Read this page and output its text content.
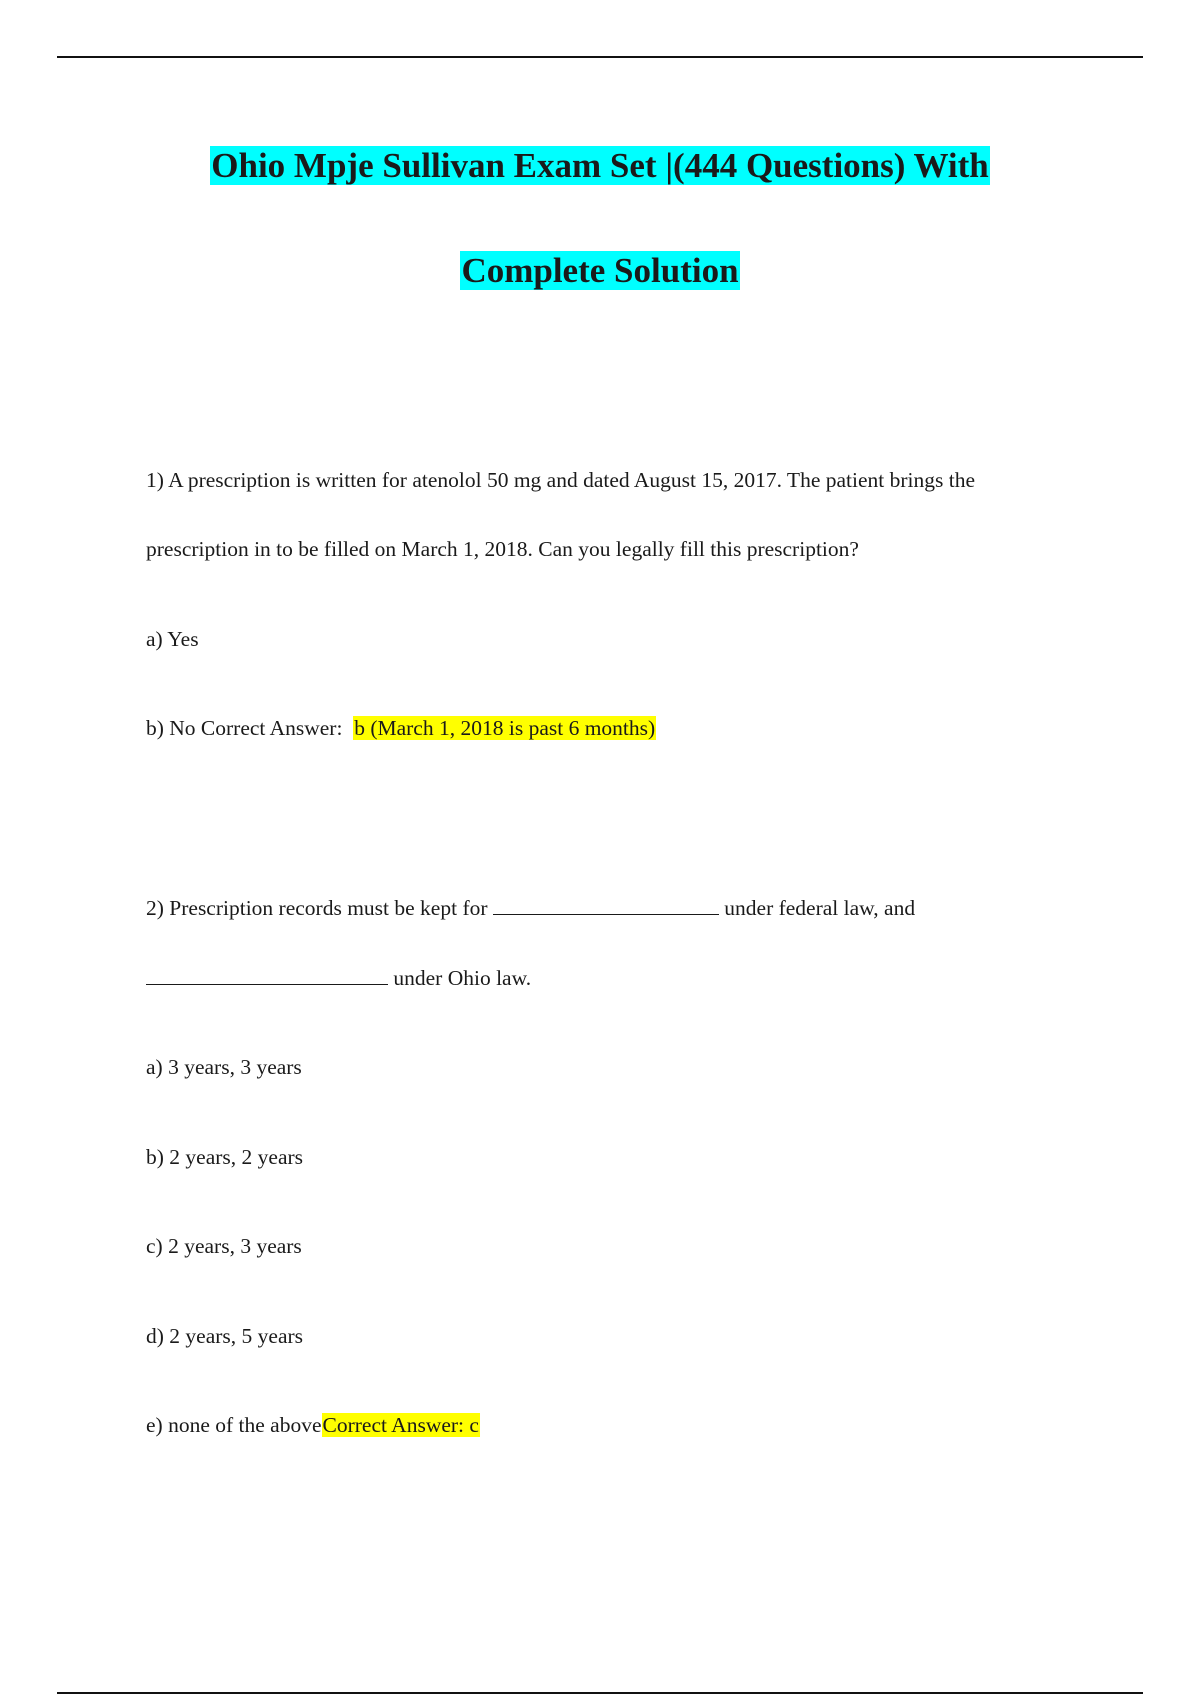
Ohio Mpje Sullivan Exam Set |(444 Questions) With
Complete Solution
1) A prescription is written for atenolol 50 mg and dated August 15, 2017. The patient brings the
prescription in to be filled on March 1, 2018. Can you legally fill this prescription?
a) Yes
b) No Correct Answer: b (March 1, 2018 is past 6 months)
2) Prescription records must be kept for	under federal law, and
under Ohio law.
a) 3 years, 3 years
b) 2 years, 2 years
c) 2 years, 3 years
d) 2 years, 5 years
e) none of the aboveCorrect Answer: c
